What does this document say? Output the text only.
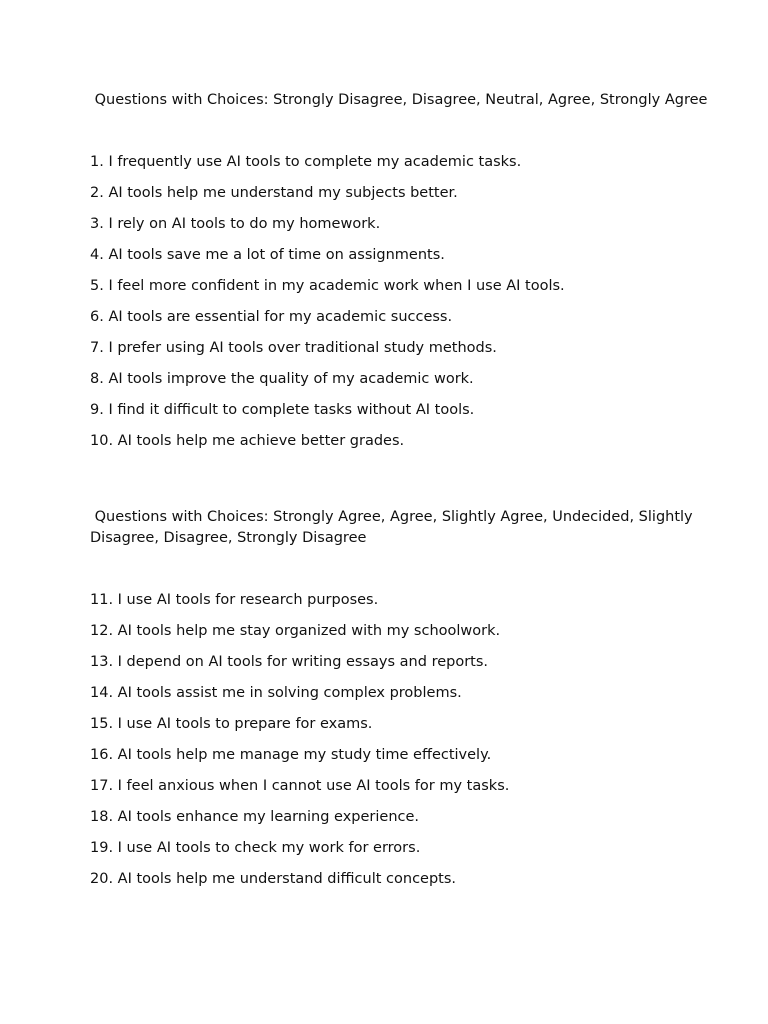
Questions with Choices: Strongly Disagree, Disagree, Neutral, Agree, Strongly Agree

1. I frequently use AI tools to complete my academic tasks.
2. AI tools help me understand my subjects better.
3. I rely on AI tools to do my homework.
4. AI tools save me a lot of time on assignments.
5. I feel more confident in my academic work when I use AI tools.
6. AI tools are essential for my academic success.
7. I prefer using AI tools over traditional study methods.
8. AI tools improve the quality of my academic work.
9. I find it difficult to complete tasks without AI tools.
10. AI tools help me achieve better grades.

Questions with Choices: Strongly Agree, Agree, Slightly Agree, Undecided, Slightly Disagree, Disagree, Strongly Disagree

11. I use AI tools for research purposes.
12. AI tools help me stay organized with my schoolwork.
13. I depend on AI tools for writing essays and reports.
14. AI tools assist me in solving complex problems.
15. I use AI tools to prepare for exams.
16. AI tools help me manage my study time effectively.
17. I feel anxious when I cannot use AI tools for my tasks.
18. AI tools enhance my learning experience.
19. I use AI tools to check my work for errors.
20. AI tools help me understand difficult concepts.
